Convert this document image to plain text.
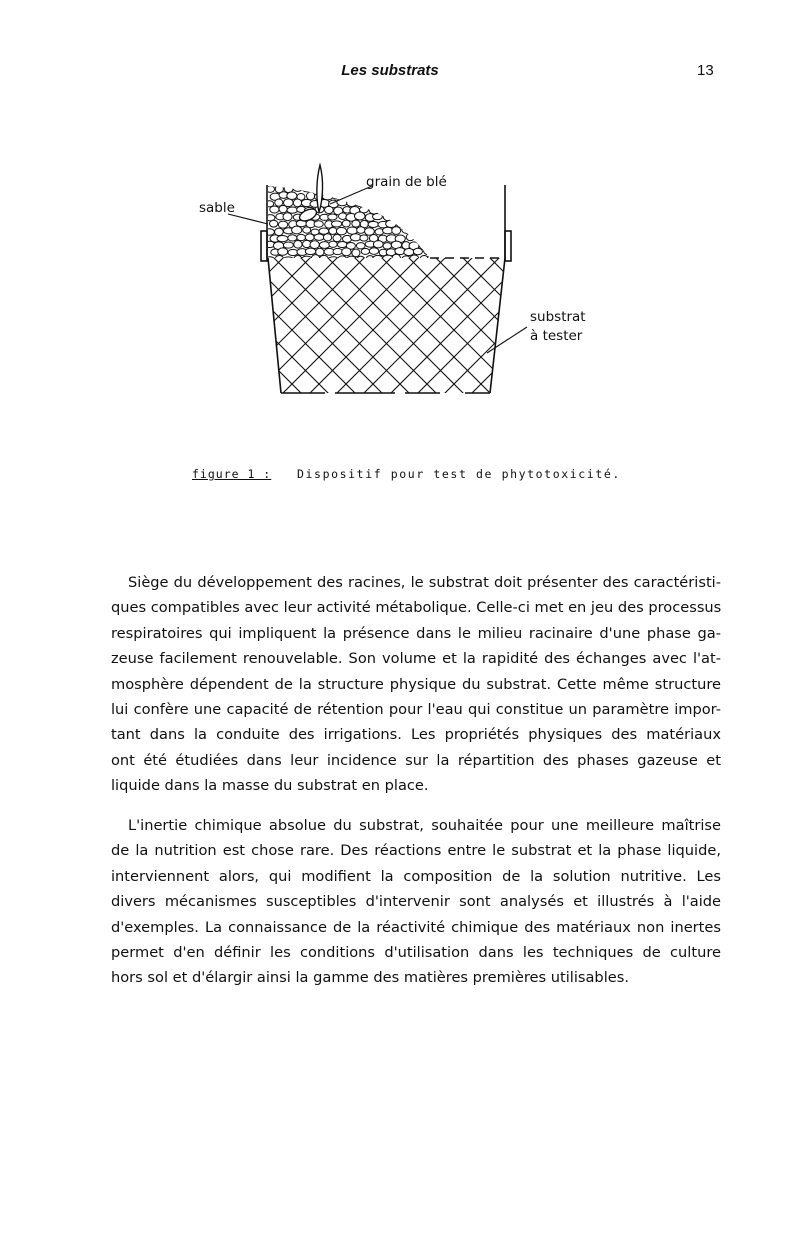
Les substrats	13
sable
grain de blé
substrat
à tester
figure 1 : Dispositif pour test de phytotoxicité.
Siège du développement des racines, le substrat doit présenter des caractéristi-
ques compatibles avec leur activité métabolique. Celle-ci met en jeu des processus
respiratoires qui impliquent la présence dans le milieu racinaire d'une phase ga-
zeuse facilement renouvelable. Son volume et la rapidité des échanges avec l'at-
mosphère dépendent de la structure physique du substrat. Cette même structure
lui confère une capacité de rétention pour l'eau qui constitue un paramètre impor-
tant dans la conduite des irrigations. Les propriétés physiques des matériaux
ont été étudiées dans leur incidence sur la répartition des phases gazeuse et
liquide dans la masse du substrat en place.
L'inertie chimique absolue du substrat, souhaitée pour une meilleure maîtrise
de la nutrition est chose rare. Des réactions entre le substrat et la phase liquide,
interviennent alors, qui modifient la composition de la solution nutritive. Les
divers mécanismes susceptibles d'intervenir sont analysés et illustrés à l'aide
d'exemples. La connaissance de la réactivité chimique des matériaux non inertes
permet d'en définir les conditions d'utilisation dans les techniques de culture
hors sol et d'élargir ainsi la gamme des matières premières utilisables.
